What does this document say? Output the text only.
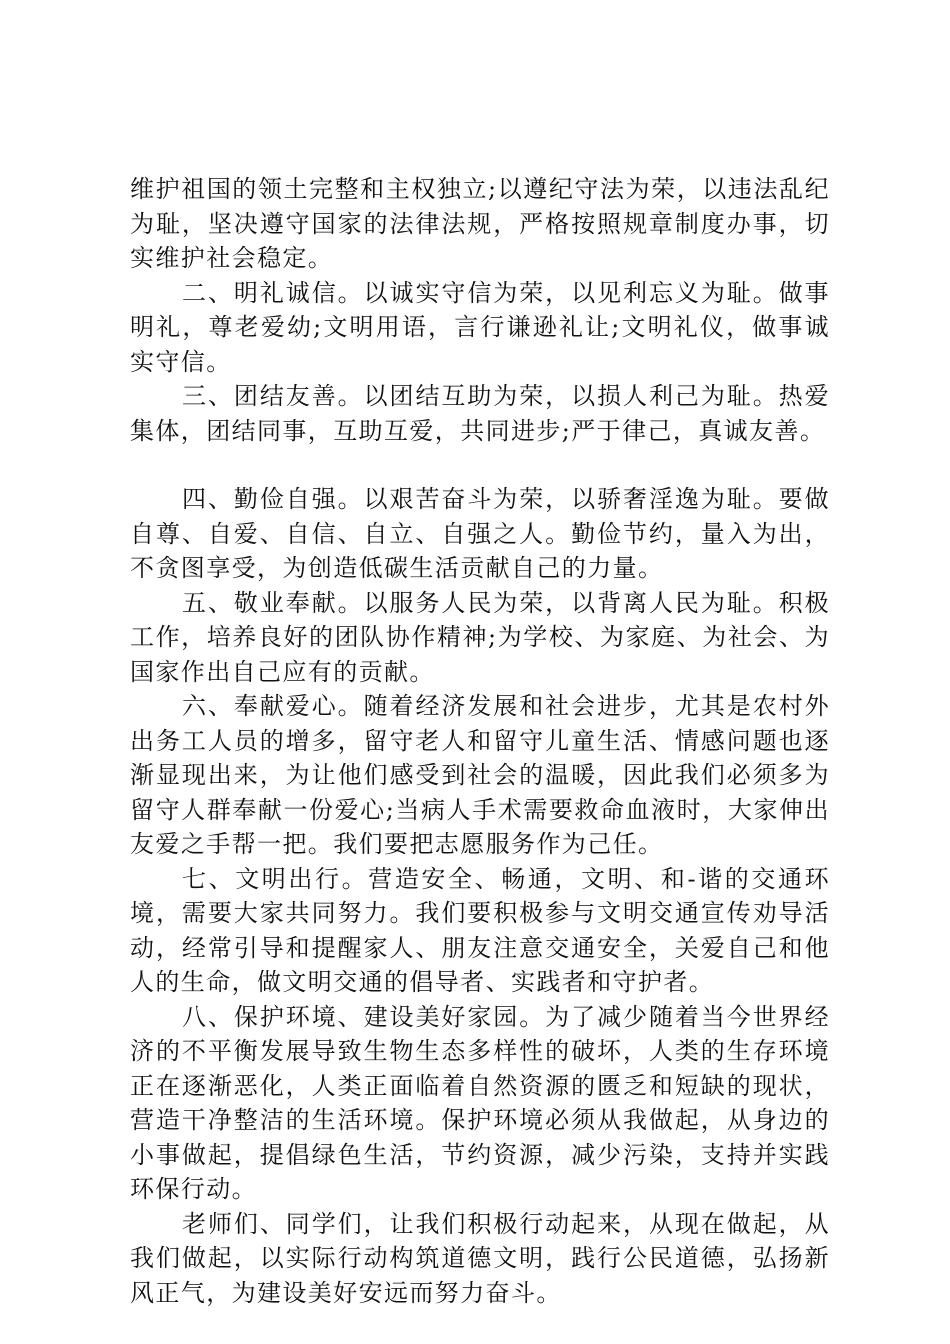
维护祖国的领土完整和主权独立;以遵纪守法为荣，以违法乱纪为耻，坚决遵守国家的法律法规，严格按照规章制度办事，切实维护社会稳定。

二、明礼诚信。以诚实守信为荣，以见利忘义为耻。做事明礼，尊老爱幼;文明用语，言行谦逊礼让;文明礼仪，做事诚实守信。

三、团结友善。以团结互助为荣，以损人利己为耻。热爱集体，团结同事，互助互爱，共同进步;严于律己，真诚友善。

四、勤俭自强。以艰苦奋斗为荣，以骄奢淫逸为耻。要做自尊、自爱、自信、自立、自强之人。勤俭节约，量入为出，不贪图享受，为创造低碳生活贡献自己的力量。

五、敬业奉献。以服务人民为荣，以背离人民为耻。积极工作，培养良好的团队协作精神;为学校、为家庭、为社会、为国家作出自己应有的贡献。

六、奉献爱心。随着经济发展和社会进步，尤其是农村外出务工人员的增多，留守老人和留守儿童生活、情感问题也逐渐显现出来，为让他们感受到社会的温暖，因此我们必须多为留守人群奉献一份爱心;当病人手术需要救命血液时，大家伸出友爱之手帮一把。我们要把志愿服务作为己任。

七、文明出行。营造安全、畅通，文明、和-谐的交通环境，需要大家共同努力。我们要积极参与文明交通宣传劝导活动，经常引导和提醒家人、朋友注意交通安全，关爱自己和他人的生命，做文明交通的倡导者、实践者和守护者。

八、保护环境、建设美好家园。为了减少随着当今世界经济的不平衡发展导致生物生态多样性的破坏，人类的生存环境正在逐渐恶化，人类正面临着自然资源的匮乏和短缺的现状，营造干净整洁的生活环境。保护环境必须从我做起，从身边的小事做起，提倡绿色生活，节约资源，减少污染，支持并实践环保行动。

老师们、同学们，让我们积极行动起来，从现在做起，从我们做起，以实际行动构筑道德文明，践行公民道德，弘扬新风正气，为建设美好安远而努力奋斗。
